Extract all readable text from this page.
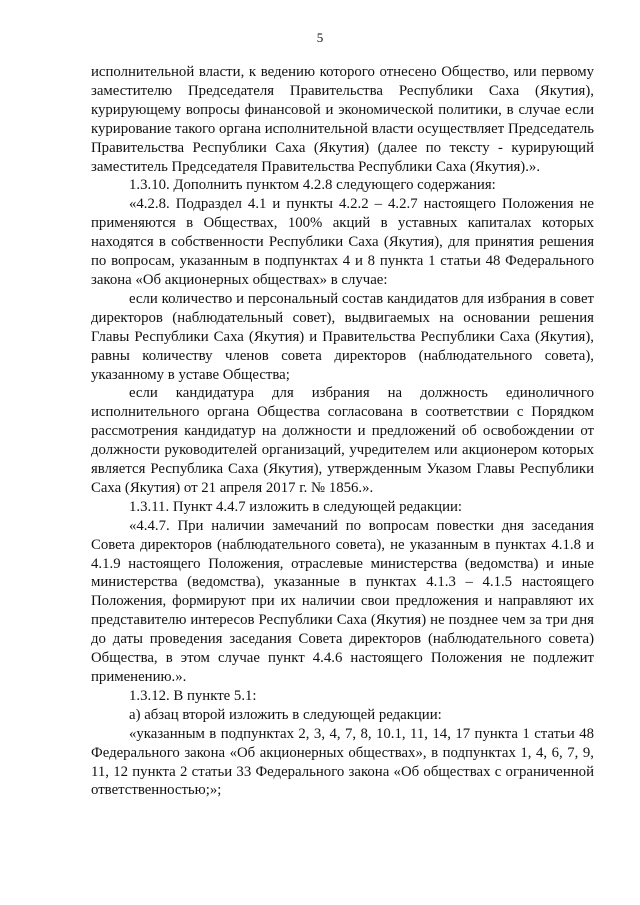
5

исполнительной власти, к ведению которого отнесено Общество, или первому заместителю Председателя Правительства Республики Саха (Якутия), курирующему вопросы финансовой и экономической политики, в случае если курирование такого органа исполнительной власти осуществляет Председатель Правительства Республики Саха (Якутия) (далее по тексту - курирующий заместитель Председателя Правительства Республики Саха (Якутия).».

1.3.10. Дополнить пунктом 4.2.8 следующего содержания:

«4.2.8. Подраздел 4.1 и пункты 4.2.2 – 4.2.7 настоящего Положения не применяются в Обществах, 100% акций в уставных капиталах которых находятся в собственности Республики Саха (Якутия), для принятия решения по вопросам, указанным в подпунктах 4 и 8 пункта 1 статьи 48 Федерального закона «Об акционерных обществах» в случае:

если количество и персональный состав кандидатов для избрания в совет директоров (наблюдательный совет), выдвигаемых на основании решения Главы Республики Саха (Якутия) и Правительства Республики Саха (Якутия), равны количеству членов совета директоров (наблюдательного совета), указанному в уставе Общества;

если кандидатура для избрания на должность единоличного исполнительного органа Общества согласована в соответствии с Порядком рассмотрения кандидатур на должности и предложений об освобождении от должности руководителей организаций, учредителем или акционером которых является Республика Саха (Якутия), утвержденным Указом Главы Республики Саха (Якутия) от 21 апреля 2017 г. № 1856.».

1.3.11. Пункт 4.4.7 изложить в следующей редакции:

«4.4.7. При наличии замечаний по вопросам повестки дня заседания Совета директоров (наблюдательного совета), не указанным в пунктах 4.1.8 и 4.1.9 настоящего Положения, отраслевые министерства (ведомства) и иные министерства (ведомства), указанные в пунктах 4.1.3 – 4.1.5 настоящего Положения, формируют при их наличии свои предложения и направляют их представителю интересов Республики Саха (Якутия) не позднее чем за три дня до даты проведения заседания Совета директоров (наблюдательного совета) Общества, в этом случае пункт 4.4.6 настоящего Положения не подлежит применению.».

1.3.12. В пункте 5.1:

а) абзац второй изложить в следующей редакции:

«указанным в подпунктах 2, 3, 4, 7, 8, 10.1, 11, 14, 17 пункта 1 статьи 48 Федерального закона «Об акционерных обществах», в подпунктах 1, 4, 6, 7, 9, 11, 12 пункта 2 статьи 33 Федерального закона «Об обществах с ограниченной ответственностью;»;
